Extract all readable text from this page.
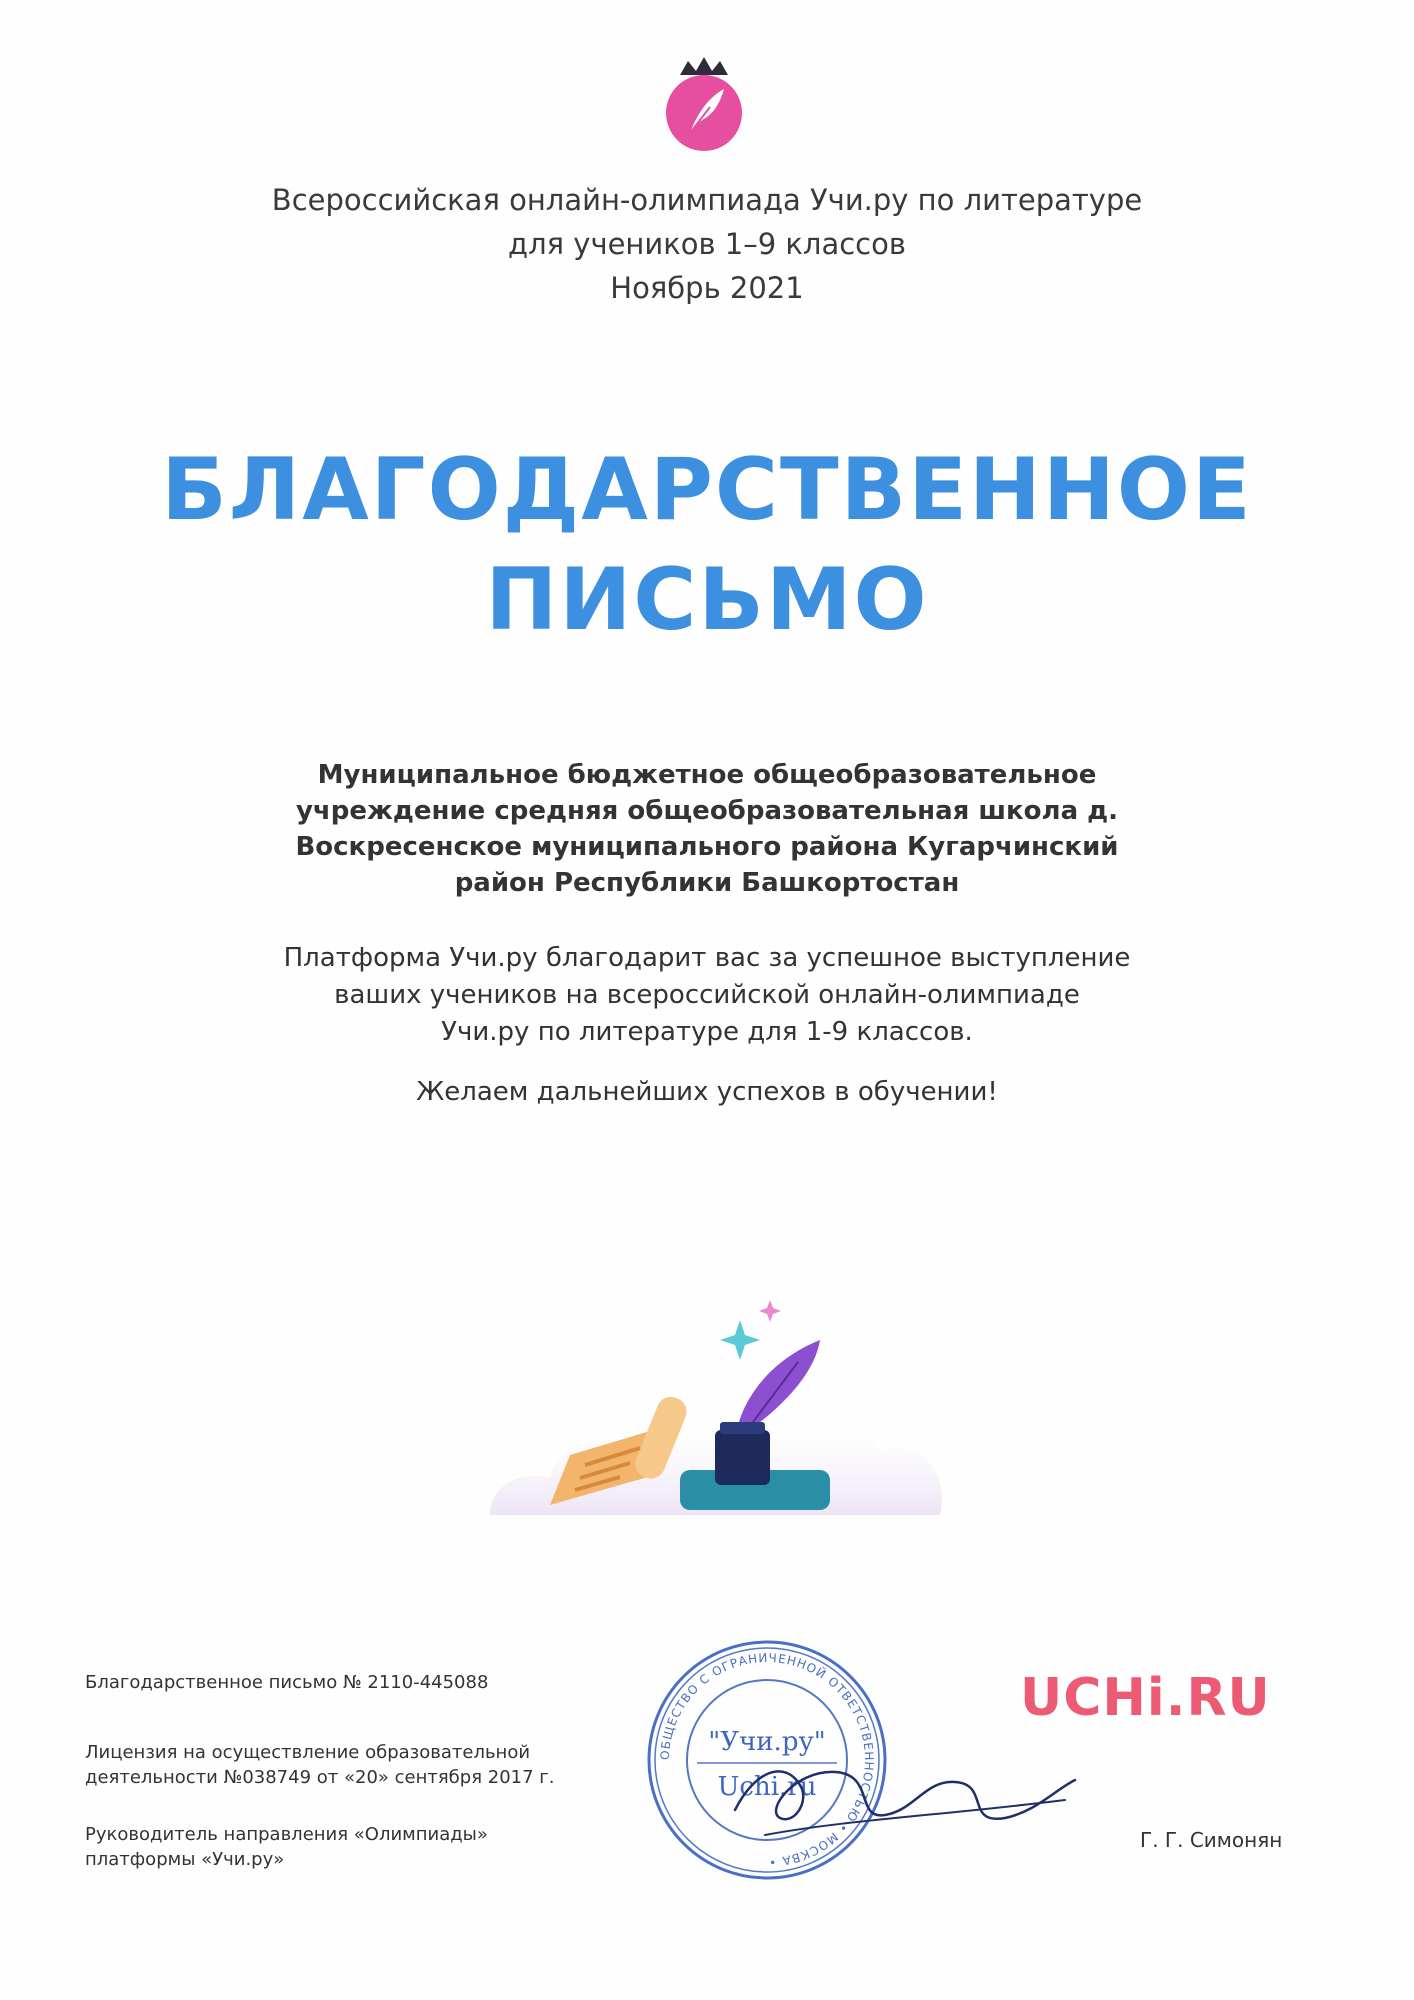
Всероссийская онлайн-олимпиада Учи.ру по литературе
для учеников 1–9 классов
Ноябрь 2021
БЛАГОДАРСТВЕННОЕ
ПИСЬМО
Муниципальное бюджетное общеобразовательное
учреждение средняя общеобразовательная школа д.
Воскресенское муниципального района Кугарчинский
район Республики Башкортостан
Платформа Учи.ру благодарит вас за успешное выступление
ваших учеников на всероссийской онлайн-олимпиаде
Учи.ру по литературе для 1-9 классов.
Желаем дальнейших успехов в обучении!
Благодарственное письмо № 2110-445088
Лицензия на осуществление образовательной
деятельности №038749 от «20» сентября 2017 г.
Руководитель направления «Олимпиады»
платформы «Учи.ру»
ОБЩЕСТВО С ОГРАНИЧЕННОЙ ОТВЕТСТВЕННОСТЬЮ • МОСКВА •
"Учи.ру"
Uchi.ru
UCHi.RU
Г. Г. Симонян
